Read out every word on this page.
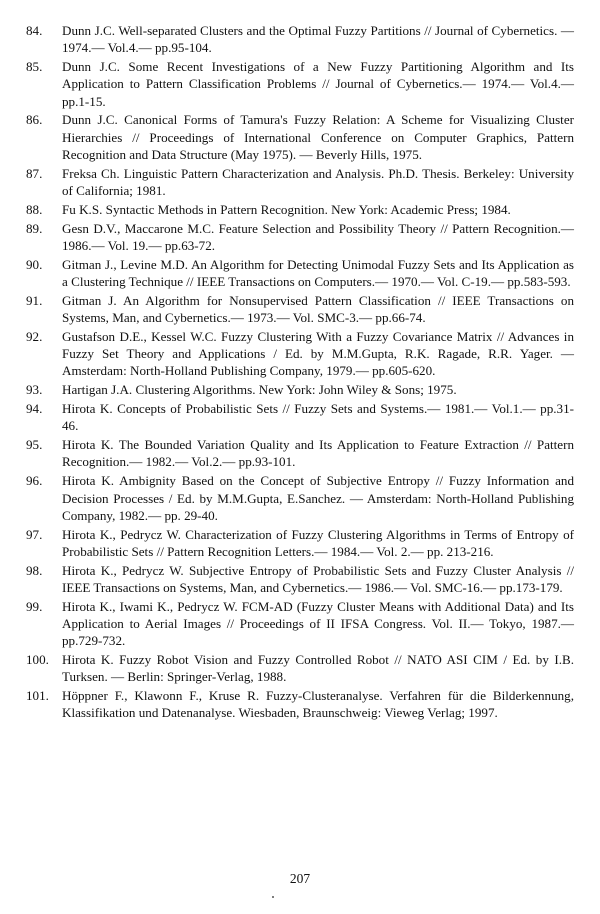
84.	Dunn J.C. Well-separated Clusters and the Optimal Fuzzy Partitions // Journal of Cybernetics. — 1974.— Vol.4.— pp.95-104.
85.	Dunn J.C. Some Recent Investigations of a New Fuzzy Partitioning Algorithm and Its Application to Pattern Classification Problems // Journal of Cybernetics.— 1974.— Vol.4.— pp.1-15.
86.	Dunn J.C. Canonical Forms of Tamura's Fuzzy Relation: A Scheme for Visualizing Cluster Hierarchies // Proceedings of International Conference on Computer Graphics, Pattern Recognition and Data Structure (May 1975). — Beverly Hills, 1975.
87.	Freksa Ch. Linguistic Pattern Characterization and Analysis. Ph.D. Thesis. Berkeley: University of California; 1981.
88.	Fu K.S. Syntactic Methods in Pattern Recognition. New York: Academic Press; 1984.
89.	Gesn D.V., Maccarone M.C. Feature Selection and Possibility Theory // Pattern Recognition.— 1986.— Vol. 19.— pp.63-72.
90.	Gitman J., Levine M.D. An Algorithm for Detecting Unimodal Fuzzy Sets and Its Application as a Clustering Technique // IEEE Transactions on Computers.— 1970.— Vol. C-19.— pp.583-593.
91.	Gitman J. An Algorithm for Nonsupervised Pattern Classification // IEEE Transactions on Systems, Man, and Cybernetics.— 1973.— Vol. SMC-3.— pp.66-74.
92.	Gustafson D.E., Kessel W.C. Fuzzy Clustering With a Fuzzy Covariance Matrix // Advances in Fuzzy Set Theory and Applications / Ed. by M.M.Gupta, R.K. Ragade, R.R. Yager. — Amsterdam: North-Holland Publishing Company, 1979.— pp.605-620.
93.	Hartigan J.A. Clustering Algorithms. New York: John Wiley & Sons; 1975.
94.	Hirota K. Concepts of Probabilistic Sets // Fuzzy Sets and Systems.— 1981.— Vol.1.— pp.31-46.
95.	Hirota K. The Bounded Variation Quality and Its Application to Feature Extraction // Pattern Recognition.— 1982.— Vol.2.— pp.93-101.
96.	Hirota K. Ambignity Based on the Concept of Subjective Entropy // Fuzzy Information and Decision Processes / Ed. by M.M.Gupta, E.Sanchez. — Amsterdam: North-Holland Publishing Company, 1982.— pp. 29-40.
97.	Hirota K., Pedrycz W. Characterization of Fuzzy Clustering Algorithms in Terms of Entropy of Probabilistic Sets // Pattern Recognition Letters.— 1984.— Vol. 2.— pp. 213-216.
98.	Hirota K., Pedrycz W. Subjective Entropy of Probabilistic Sets and Fuzzy Cluster Analysis // IEEE Transactions on Systems, Man, and Cybernetics.— 1986.— Vol. SMC-16.— pp.173-179.
99.	Hirota K., Iwami K., Pedrycz W. FCM-AD (Fuzzy Cluster Means with Additional Data) and Its Application to Aerial Images // Proceedings of II IFSA Congress. Vol. II.— Tokyo, 1987.— pp.729-732.
100. Hirota K. Fuzzy Robot Vision and Fuzzy Controlled Robot // NATO ASI CIM / Ed. by I.B. Turksen. — Berlin: Springer-Verlag, 1988.
101. Höppner F., Klawonn F., Kruse R. Fuzzy-Clusteranalyse. Verfahren für die Bilderkennung, Klassifikation und Datenanalyse. Wiesbaden, Braunschweig: Vieweg Verlag; 1997.
207
